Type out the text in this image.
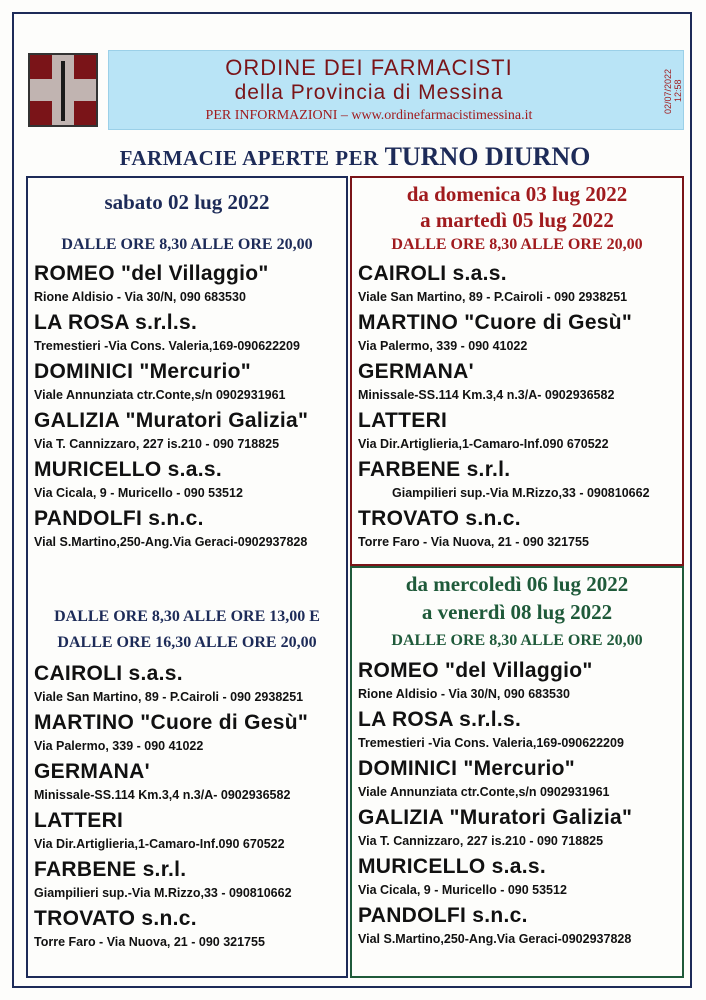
ORDINE DEI FARMACISTI
della Provincia di Messina
PER INFORMAZIONI – www.ordinefarmacistimessina.it
02/07/2022 12:58
FARMACIE APERTE PER TURNO DIURNO
sabato 02 lug 2022
DALLE ORE 8,30 ALLE ORE 20,00
ROMEO "del Villaggio"
Rione Aldisio - Via 30/N, 090 683530
LA ROSA s.r.l.s.
Tremestieri -Via Cons. Valeria,169-090622209
DOMINICI "Mercurio"
Viale Annunziata ctr.Conte,s/n 0902931961
GALIZIA "Muratori Galizia"
Via T. Cannizzaro, 227 is.210 - 090 718825
MURICELLO s.a.s.
Via Cicala, 9 - Muricello - 090 53512
PANDOLFI s.n.c.
Vial S.Martino,250-Ang.Via Geraci-0902937828
DALLE ORE 8,30 ALLE ORE 13,00 E
DALLE ORE 16,30 ALLE ORE 20,00
CAIROLI s.a.s.
Viale San Martino, 89 - P.Cairoli - 090 2938251
MARTINO "Cuore di Gesù"
Via Palermo, 339 - 090 41022
GERMANA'
Minissale-SS.114 Km.3,4 n.3/A- 0902936582
LATTERI
Via Dir.Artiglieria,1-Camaro-Inf.090 670522
FARBENE s.r.l.
Giampilieri sup.-Via M.Rizzo,33 - 090810662
TROVATO s.n.c.
Torre Faro - Via Nuova, 21 - 090 321755
da domenica 03 lug 2022
a martedì 05 lug 2022
DALLE ORE 8,30 ALLE ORE 20,00
CAIROLI s.a.s.
Viale San Martino, 89 - P.Cairoli - 090 2938251
MARTINO "Cuore di Gesù"
Via Palermo, 339 - 090 41022
GERMANA'
Minissale-SS.114 Km.3,4 n.3/A- 0902936582
LATTERI
Via Dir.Artiglieria,1-Camaro-Inf.090 670522
FARBENE s.r.l.
Giampilieri sup.-Via M.Rizzo,33 - 090810662
TROVATO s.n.c.
Torre Faro - Via Nuova, 21 - 090 321755
da mercoledì 06 lug 2022
a venerdì 08 lug 2022
DALLE ORE 8,30 ALLE ORE 20,00
ROMEO "del Villaggio"
Rione Aldisio - Via 30/N, 090 683530
LA ROSA s.r.l.s.
Tremestieri -Via Cons. Valeria,169-090622209
DOMINICI "Mercurio"
Viale Annunziata ctr.Conte,s/n 0902931961
GALIZIA "Muratori Galizia"
Via T. Cannizzaro, 227 is.210 - 090 718825
MURICELLO s.a.s.
Via Cicala, 9 - Muricello - 090 53512
PANDOLFI s.n.c.
Vial S.Martino,250-Ang.Via Geraci-0902937828
